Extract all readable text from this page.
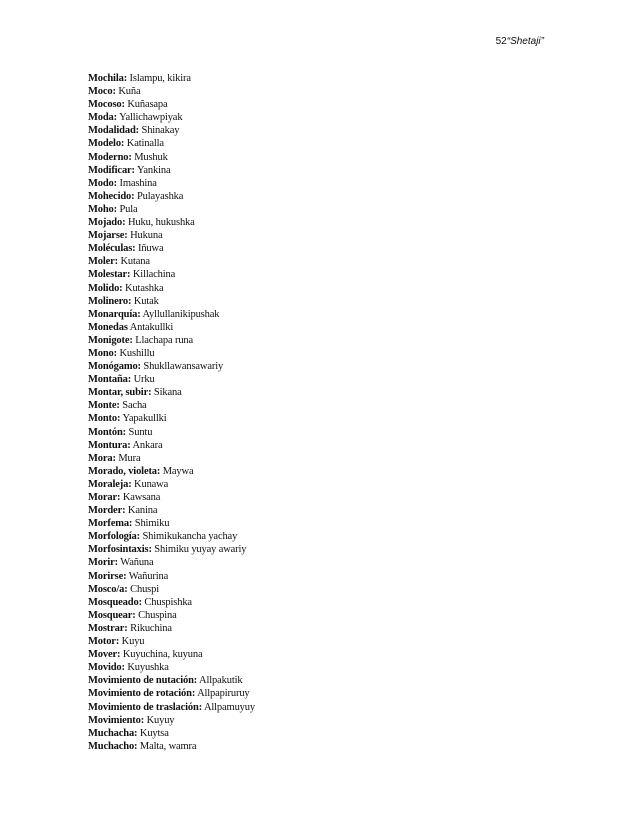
52“Shetaji”
Mochila: Islampu, kikira
Moco: Kuña
Mocoso: Kuñasapa
Moda: Yallichawpiyak
Modalidad: Shinakay
Modelo: Katinalla
Moderno: Mushuk
Modificar: Yankina
Modo: Imashina
Mohecido: Pulayashka
Moho: Pula
Mojado: Huku, hukushka
Mojarse: Hukuna
Moléculas: Iñuwa
Moler: Kutana
Molestar: Killachina
Molido: Kutashka
Molinero: Kutak
Monarquía: Ayllullanikipushak
Monedas Antakullki
Monigote: Llachapa runa
Mono: Kushillu
Monógamo: Shukllawansawariy
Montaña: Urku
Montar, subir: Sikana
Monte: Sacha
Monto: Yapakullki
Montón: Suntu
Montura: Ankara
Mora: Mura
Morado, violeta: Maywa
Moraleja: Kunawa
Morar: Kawsana
Morder: Kanina
Morfema: Shimiku
Morfología: Shimikukancha yachay
Morfosintaxis: Shimiku yuyay awariy
Morir: Wañuna
Morirse: Wañurina
Mosco/a: Chuspi
Mosqueado: Chuspishka
Mosquear: Chuspina
Mostrar: Rikuchina
Motor: Kuyu
Mover: Kuyuchina, kuyuna
Movido: Kuyushka
Movimiento de nutación: Allpakutik
Movimiento de rotación: Allpapiruruy
Movimiento de traslación: Allpamuyuy
Movimiento: Kuyuy
Muchacha: Kuytsa
Muchacho: Malta, wamra
